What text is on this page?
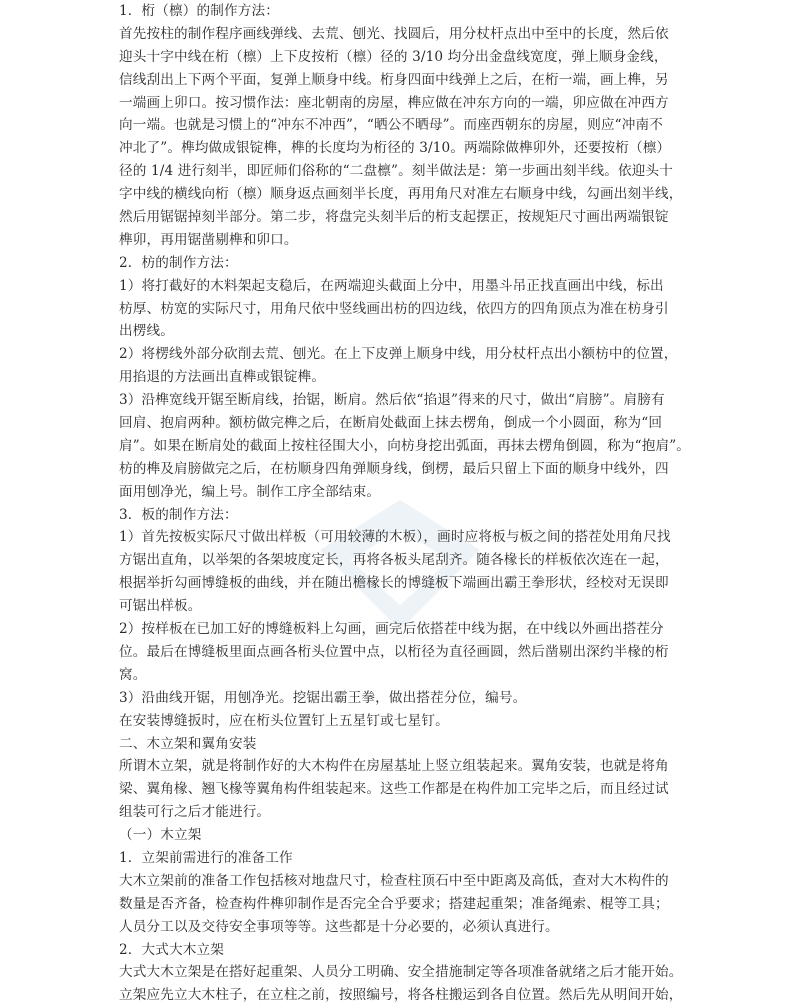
1．桁（檩）的制作方法：
首先按柱的制作程序画线弹线、去荒、刨光、找圆后，用分杖杆点出中至中的长度，然后依
迎头十字中线在桁（檩）上下皮按桁（檩）径的 3/10 均分出金盘线宽度，弹上顺身金线，
信线刮出上下两个平面，复弹上顺身中线。桁身四面中线弹上之后，在桁一端，画上榫，另
一端画上卯口。按习惯作法：座北朝南的房屋，榫应做在冲东方向的一端，卯应做在冲西方
向一端。也就是习惯上的“冲东不冲西”，“晒公不晒母”。而座西朝东的房屋，则应“冲南不
冲北了”。榫均做成银锭榫，榫的长度均为桁径的 3/10。两端除做榫卯外，还要按桁（檩）
径的 1/4 进行刻半，即匠师们俗称的“二盘檩”。刻半做法是：第一步画出刻半线。依迎头十
字中线的横线向桁（檩）顺身返点画刻半长度，再用角尺对准左右顺身中线，勾画出刻半线，
然后用锯锯掉刻半部分。第二步，将盘完头刻半后的桁支起摆正，按规矩尺寸画出两端银锭
榫卯，再用锯凿剔榫和卯口。
2．枋的制作方法：
1）将打截好的木料架起支稳后，在两端迎头截面上分中，用墨斗吊正找直画出中线，标出
枋厚、枋宽的实际尺寸，用角尺依中竖线画出枋的四边线，依四方的四角顶点为准在枋身引
出楞线。
2）将楞线外部分砍削去荒、刨光。在上下皮弹上顺身中线，用分杖杆点出小额枋中的位置，
用掐退的方法画出直榫或银锭榫。
3）沿榫宽线开锯至断肩线，抬锯，断肩。然后依“掐退”得来的尺寸，做出“肩膀”。肩膀有
回肩、抱肩两种。额枋做完榫之后，在断肩处截面上抹去楞角，倒成一个小圆面，称为“回
肩”。如果在断肩处的截面上按柱径围大小，向枋身挖出弧面，再抹去楞角倒圆，称为“抱肩”。
枋的榫及肩膀做完之后，在枋顺身四角弹顺身线，倒楞，最后只留上下面的顺身中线外，四
面用刨净光，编上号。制作工序全部结束。
3．板的制作方法：
1）首先按板实际尺寸做出样板（可用较薄的木板），画时应将板与板之间的搭茬处用角尺找
方锯出直角，以举架的各架坡度定长，再将各板头尾刮齐。随各椽长的样板依次连在一起，
根据举折勾画博缝板的曲线，并在随出檐椽长的博缝板下端画出霸王拳形状，经校对无误即
可锯出样板。
2）按样板在已加工好的博缝板料上勾画，画完后依搭茬中线为据，在中线以外画出搭茬分
位。最后在博缝板里面点画各桁头位置中点，以桁径为直径画圆，然后凿剔出深约半椽的桁
窝。
3）沿曲线开锯，用刨净光。挖锯出霸王拳，做出搭茬分位，编号。
在安装博缝扳时，应在桁头位置钉上五星钉或七星钉。
二、木立架和翼角安装
所谓木立架，就是将制作好的大木构件在房屋基址上竖立组装起来。翼角安装，也就是将角
梁、翼角椽、翘飞椽等翼角构件组装起来。这些工作都是在构件加工完毕之后，而且经过试
组装可行之后才能进行。
（一）木立架
1．立架前需进行的准备工作
大木立架前的准备工作包括核对地盘尺寸，检查柱顶石中至中距离及高低，查对大木构件的
数量是否齐备，检查构件榫卯制作是否完全合乎要求；搭建起重架；准备绳索、棍等工具；
人员分工以及交待安全事项等等。这些都是十分必要的，必须认真进行。
2．大式大木立架
大式大木立架是在搭好起重架、人员分工明确、安全措施制定等各项准备就绪之后才能开始。
立架应先立大木柱子，在立柱之前，按照编号，将各柱搬运到各自位置。然后先从明间开始，
